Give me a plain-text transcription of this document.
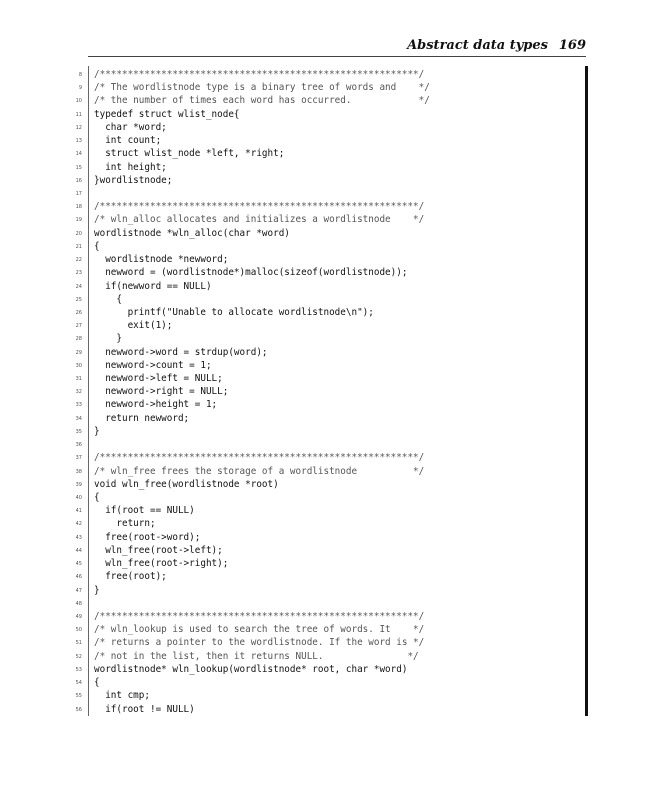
Abstract data types 169
8 /*********************************************************/
9 /* The wordlistnode type is a binary tree of words and    */
10 /* the number of times each word has occurred.            */
11 typedef struct wlist_node{
12 char *word;
13 int count;
14 struct wlist_node *left, *right;
15 int height;
16 }wordlistnode;
17
18 /*********************************************************/
19 /* wln_alloc allocates and initializes a wordlistnode    */
20 wordlistnode *wln_alloc(char *word)
21 {
22 wordlistnode *newword;
23 newword = (wordlistnode*)malloc(sizeof(wordlistnode));
24 if(newword == NULL)
25 {
26 printf("Unable to allocate wordlistnode\n");
27 exit(1);
28 }
29 newword->word = strdup(word);
30 newword->count = 1;
31 newword->left = NULL;
32 newword->right = NULL;
33 newword->height = 1;
34 return newword;
35 }
36
37 /*********************************************************/
38 /* wln_free frees the storage of a wordlistnode          */
39 void wln_free(wordlistnode *root)
40 {
41 if(root == NULL)
42 return;
43 free(root->word);
44 wln_free(root->left);
45 wln_free(root->right);
46 free(root);
47 }
48
49 /*********************************************************/
50 /* wln_lookup is used to search the tree of words. It    */
51 /* returns a pointer to the wordlistnode. If the word is */
52 /* not in the list, then it returns NULL.               */
53 wordlistnode* wln_lookup(wordlistnode* root, char *word)
54 {
55 int cmp;
56 if(root != NULL)
